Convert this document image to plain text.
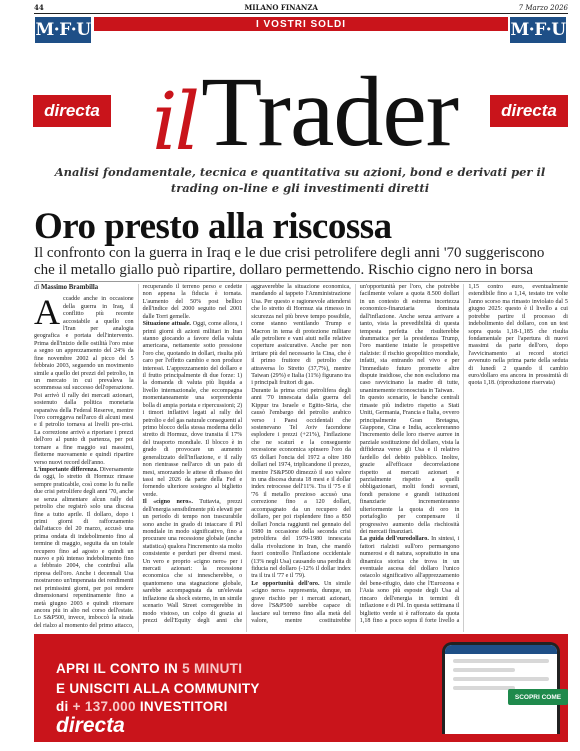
44	MILANO FINANZA	7 Marzo 2026
M·F·U	I VOSTRI SOLDI	M·F·U
directa il Trader	directa
Analisi fondamentale, tecnica e quantitativa su azioni, bond e derivati per il trading on-line e gli investimenti diretti
Oro presto alla riscossa

Il confronto con la guerra in Iraq e le due crisi petrolifere degli anni '70 suggeriscono che il metallo giallo può ripartire, dollaro permettendo. Rischio cigno nero in borsa

di Massimo Brambilla

Accadde anche in occasione della guerra in Iraq, il conflitto più recente accostabile a quello con l'Iran per analogia geografica e portata dell'intervento. Prima dell'inizio delle ostilità l'oro mise a segno un apprezzamento del 24% da fine novembre 2002 al picco del 5 febbraio 2003, seguendo un movimento simile a quello dei prezzi del petrolio, in un mercato in cui prevaleva la scommessa sul successo dell'operazione. Poi arrivò il rally dei mercati azionari, sostenuto dalla politica monetaria espansiva della Federal Reserve, mentre l'oro correggeva nell'arco di alcuni mesi e il petrolio tornava ai livelli pre-crisi. La correzione arrivò a riportare i prezzi dell'oro al punto di partenza, per poi tornare a fine maggio sui massimi, fletterne nuovamente e quindi ripartire verso nuovi record dell'anno.

L'importante differenza. Diversamente da oggi, lo stretto di Hormuz rimase sempre praticabile, così come lo fu nelle due crisi petrolifere degli anni '70, anche se senza alimentare alcun rally del petrolio che registrò solo una discesa fine a tutto aprile. Il dollaro, dopo i primi giorni di rafforzamento dall'attacco del 20 marzo, accusò una prima ondata di indebolimento fino al termine di maggio, seguita da un totale recupero fino ad agosto e quindi un nuovo e più intenso indebolimento fino a febbraio 2004, che contribuì alla ripresa dell'oro. Anche i decennali Usa mostrarono un'impennata dei rendimenti nei primissimi giorni, per poi rendere dimensionarsi repentinamente fino a metà giugno 2003 e quindi ritornare ancora più in alto nel corso dell'estate. Lo S&P500, invece, imboccò la strada del rialzo al momento del primo attacco, recuperando il terreno perso e cedette non appena la fiducia è tornata. L'aumento del 50% post bellico dell'indice del 2000 seguito nel 2001 dalle Torri gemelle.

Situazione attuale. Oggi, come allora, i primi giorni di azioni militari in Iran stanno giocando a favore della valuta americana, nettamente sotto pressione l'oro che, quotando in dollari, risulta più caro per l'effetto cambio e non produce interessi. L'apprezzamento del dollaro e il frutto principalmente di due forze: 1) la domanda di valuta più liquida a livello internazionale, che eccompagna momentaneamente una sorprendente bolla di ampia portata e ripercussioni; 2) i timori inflattivi legati al rally del petrolio e del gas naturale conseguenti al primo blocco della stessa moderna dello stretto di Hormuz, dove transita il 17% del trasporto mondiale. Il blocco è in grado di provocare un aumento generalizzato dell'inflazione, e il rally non rientrasse nell'arco di un paio di mesi, smorzando le attese di ribasso dei tassi nel 2026 da parte della Fed e fornendo ulteriore sostegno al biglietto verde.

Il «cigno nero». Tuttavia, prezzi dell'energia sensibilmente più elevati per un periodo di tempo non trascurabile sono anche in grado di intaccare il Pil mondiale in modo significativo, fino a procurare una recessione globale (anche statistica) qualora l'incremento sia molto consistente e perduri per diversi mesi. Un vero e proprio «cigno nero» per i mercati azionari: la recessione economica che si innescherebbe, o quantomeno una stagnazione globale, sarebbe accompagnata da un'elevata inflazione da shock esterno, in un simile scenario Wall Street corregerebbe in modo vistoso, un colpo di grazia ai prezzi dell'Equity degli anni che aggraverebbe la situazione economica, mandando al tappeto l'Amministrazione Usa. Per questo e ragionevole attendersi che lo stretto di Hormuz sia rimesso in sicurezza nel più breve tempo possibile, come stanno ventilando Trump e Macron in tema di protezione militare alle petroliere e vani aiuti nelle relative coperture assicurative. Anche per non irritare più del necessario la Cina, che è il primo fruitore di petrolio che attraversa lo Stretto (37,7%), mentre Taiwan (29%) e Italia (11%) figurano tra i principali fruitori di gas.

Durante la prima crisi petrolifera degli anni '70 innescata dalla guerra del Kippur tra Israele e Egitto-Siria, che causò l'embargo del petrolio arabico verso i Paesi occidentali che sostenevano Tel Aviv facendone esplodere i prezzi (+21%), l'inflazione che ne scaturì e la conseguente recessione economica spinsero l'oro da 65 dollari l'oncia del 1972 a oltre 180 dollari nel 1974, triplicandone il prezzo, mentre l'S&P500 dimezzò il suo valore in una discesa durata 18 mesi e il dollar index retrocesse dell'11%. Tra il '75 e il '76 il metallo prezioso accusò una correzione fino a 120 dollari, accompagnato da un recupero del dollaro, per poi risplendere fino a 850 dollari l'oncia raggiunti nel gennaio del 1980 in occasione della seconda crisi petrolifera del 1979-1980 innescata dalla rivoluzione in Iran, che mandò fuori controllo l'inflazione occidentale (13% negli Usa) causando una perdita di fiducia nel dollaro (-12% il dollar index tra il tra il '77 e il '79).

Le opportunità dell'oro. Un simile «cigno nero» rappresenta, dunque, un grave rischio per i mercati azionari, dove l'S&P500 sarebbe capace di lasciare sul terreno fino alla metà del valore, mentre costituirebbe un'opportunità per l'oro, che potrebbe facilmente volare a quota 8.500 dollari in un contesto di estrema incertezza economico-finanziaria dominata dall'inflazione. Anche senza arrivare a tanto, vista la prevedibilità di questa tempesta perfetta che risulterebbe drammatica per la presidenza Trump, l'oro mantiene intatte le prospettive rialziste: il rischio geopolitico mondiale, infatti, sta entrando nel vivo e per l'immediato futuro promette altre dispute insidiose, che non escludono ma caso ravvicinano la madre di tutte, unanimemente riconosciuta in Taiwan.

In questo scenario, le banche centrali rimaste più indietro rispetto a Stati Uniti, Germania, Francia e Italia, ovvero principalmente Gran Bretagna, Giappone, Cina e India, accelereranno l'incremento delle loro riserve aurree in parziale sostituzione del dollaro, vista la diffidenza verso gli Usa e il relativo fardello del debito pubblico. Inoltre, grazie all'efficace decorrelazione rispetto ai mercati azionari e parzialmente rispetto a quelli obbligazionari, molti fondi sovrani, fondi pensione e grandi istituzioni finanziarie incrementeranno ulteriormente la quota di oro in portafoglio per compensare il progressivo aumento della rischiosità dei mercati finanziari.

La guida dell'eurodollaro. In sintesi, i fattori rialzisti sull'oro permangono numerosi e di natura, soprattutto in una dinamica storica che trova in un eventuale ascesa del dollaro l'unico ostacolo significativo all'apprezzamento del bene-rifugio, dato che l'Eurozona e l'Asia sono più esposte degli Usa al rincaro dell'energia in termini di inflazione e di Pil. In questa settimana il biglietto verde si è rafforzato da quota 1,18 fino a poco sopra il forte livello a 1,15 contro euro, eventualmente estendibile fino a 1,14, testato tre volte l'anno scorso ma rimasto inviolato dal 5 giugno 2025: questo è il livello a cui potrebbe partire il processo di indebolimento del dollaro, con un test sopra quota 1,18-1,185 che risulta fondamentale per l'apertura di nuovi massimi da parte dell'oro, dopo l'avvicinamento ai record storici avvenuto nella prima parte della seduta di lunedì 2 quando il cambio euro/dollaro era ancora in prossimità di quota 1,18. (riproduzione riservata)

APRI IL CONTO IN 5 MINUTI
E UNISCITI ALLA COMMUNITY
di + 137.000 INVESTITORI
directa
SCOPRI COME
